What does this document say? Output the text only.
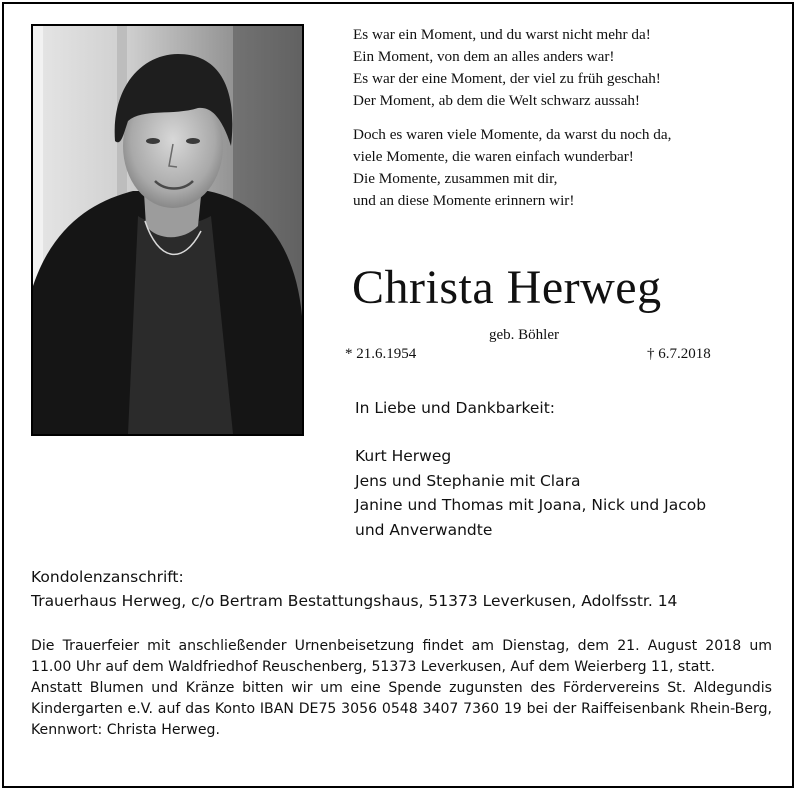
Es war ein Moment, und du warst nicht mehr da!
Ein Moment, von dem an alles anders war!
Es war der eine Moment, der viel zu früh geschah!
Der Moment, ab dem die Welt schwarz aussah!
Doch es waren viele Momente, da warst du noch da,
viele Momente, die waren einfach wunderbar!
Die Momente, zusammen mit dir,
und an diese Momente erinnern wir!
Christa Herweg
geb. Böhler
* 21.6.1954	† 6.7.2018
In Liebe und Dankbarkeit:
Kurt Herweg
Jens und Stephanie mit Clara
Janine und Thomas mit Joana, Nick und Jacob
und Anverwandte
Kondolenzanschrift:
Trauerhaus Herweg, c/o Bertram Bestattungshaus, 51373 Leverkusen, Adolfsstr. 14

Die Trauerfeier mit anschließender Urnenbeisetzung findet am Dienstag, dem 21. August 2018 um 11.00 Uhr auf dem Waldfriedhof Reuschenberg, 51373 Leverkusen, Auf dem Weierberg 11, statt.

Anstatt Blumen und Kränze bitten wir um eine Spende zugunsten des Fördervereins St. Aldegundis Kindergarten e.V. auf das Konto IBAN DE75 3056 0548 3407 7360 19 bei der Raiffeisenbank Rhein-Berg, Kennwort: Christa Herweg.
